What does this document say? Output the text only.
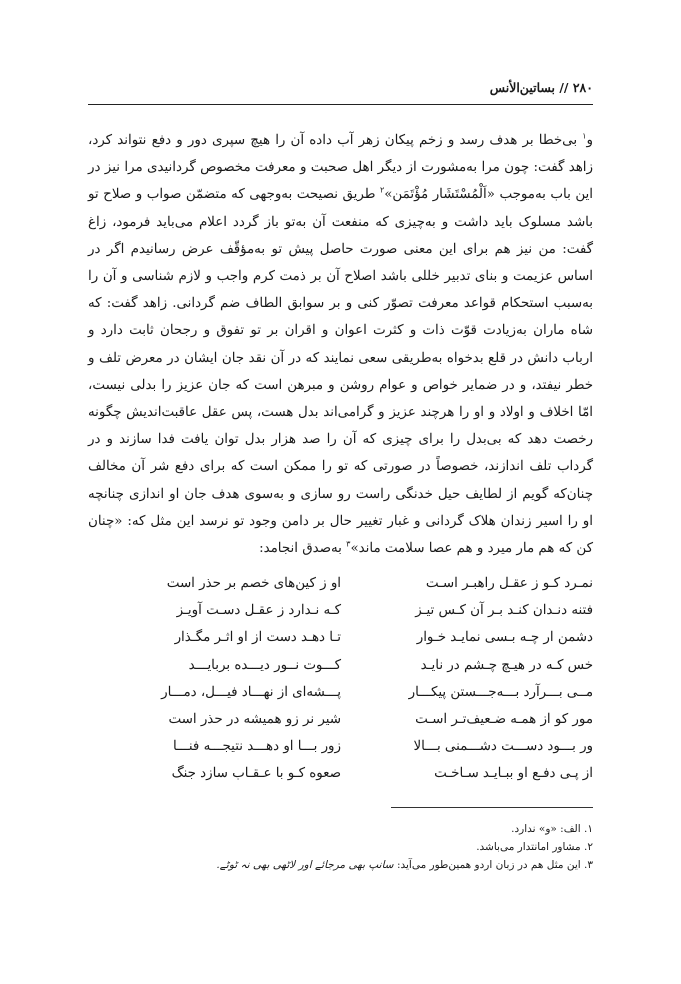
۲۸۰ // بساتین‌الأنس

و$^۱$ بی‌خطا بر هدف رسد و زخم پیکان زهر آب داده آن را هیچ سپری دور و دفع نتواند کرد، زاهد گفت: چون مرا به‌مشورت از دیگر اهل صحبت و معرفت مخصوص گردانیدی مرا نیز در این باب به‌موجب «اَلْمُسْتَشَار مُؤْتَمَن»$^۲$ طریق نصیحت به‌وجهی که متضمّن صواب و صلاح تو باشد مسلوک باید داشت و به‌چیزی که منفعت آن به‌تو باز گردد اعلام می‌باید فرمود، زاغ گفت: من نیز هم برای این معنی صورت حاصل پیش تو به‌مؤقّف عرض رسانیدم اگر در اساس عزیمت و بنای تدبیر خللی باشد اصلاح آن بر ذمت کرم واجب و لازم شناسی و آن را به‌سبب استحکام قواعد معرفت تصوّر کنی و بر سوابق الطاف ضم گردانی. زاهد گفت: که شاه ماران به‌زیادت قوّت ذات و کثرت اعوان و اقران بر تو تفوق و رجحان ثابت دارد و ارباب دانش در قلع بدخواه به‌طریقی سعی نمایند که در آن نقد جان ایشان در معرض تلف و خطر نیفتد، و در ضمایر خواص و عوام روشن و مبرهن است که جان عزیز را بدلی نیست، امّا اخلاف و اولاد و او را هرچند عزیز و گرامی‌اند بدل هست، پس عقل عاقبت‌اندیش چگونه رخصت دهد که بی‌بدل را برای چیزی که آن را صد هزار بدل توان یافت فدا سازند و در گرداب تلف اندازند، خصوصاً در صورتی که تو را ممکن است که برای دفع شر آن مخالف چنان‌که گویم از لطایف حیل خدنگی راست رو سازی و به‌سوی هدف جان او اندازی چنانچه او را اسیر زندان هلاک گردانی و غبار تغییر حال بر دامن وجود تو نرسد این مثل که: «چنان کن که هم مار میرد و هم عصا سلامت ماند»$^۳$ به‌صدق انجامد:

نمـرد کـو ز عقـل راهبـر اسـت
او ز کین‌های خصم بر حذر است
فتنه دنـدان کنـد بـر آن کـس تیـز
کـه نـدارد ز عقـل دسـت آویـز
دشمن ار چـه بـسی نمایـد خـوار
تـا دهـد دست از او اثـر مگـذار
خس کـه در هیـچ چـشم در نایـد
کـــوت نــور دیـــده بربایـــد
مــی بـــرآرد بـــه‌جـــستن پیکـــار
پـــشه‌ای از نهـــاد فیـــل، دمـــار
مور کو از همـه ضـعیف‌تـر اسـت
شیر نر زو همیشه در حذر است
ور بـــود دســـت دشـــمنی بـــالا
زور بـــا او دهـــد نتیجـــه فنـــا
از پـی دفـع او ببـایـد سـاخـت
صعوه کـو با عـقـاب سازد جنگ
۱. الف: «و» ندارد.
۲. مشاور امانتدار می‌باشد.
۳. این مثل هم در زبان اردو همین‌طور می‌آید: سانپ بھی مرجائے اور لاٹھی بھی نہ ٹوٹے.
